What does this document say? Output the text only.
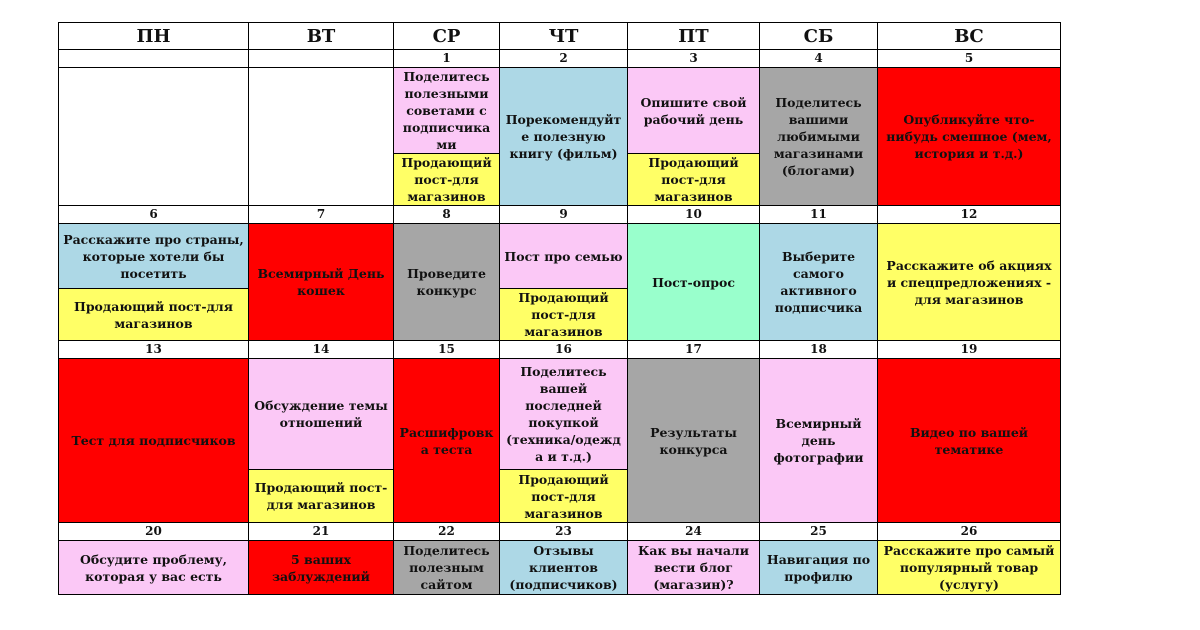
ПН	ВТ	СР	ЧТ	ПТ	СБ	ВС
		1	2	3	4	5
		Поделитесь полезными советами с подписчика ми	Порекомендуйт е полезную книгу (фильм)	Опишите свой рабочий день	Поделитесь вашими любимыми магазинами (блогами)	Опубликуйте что-нибудь смешное (мем, история и т.д.)
		Продающий пост-для магазинов		Продающий пост-для магазинов		
6	7	8	9	10	11	12
Расскажите про страны, которые хотели бы посетить	Всемирный День кошек	Проведите конкурс	Пост про семью	Пост-опрос	Выберите самого активного подписчика	Расскажите об акциях и спецпредложениях - для магазинов
Продающий пост-для магазинов			Продающий пост-для магазинов			
13	14	15	16	17	18	19
Тест для подписчиков	Обсуждение темы отношений	Расшифровк а теста	Поделитесь вашей последней покупкой (техника/одежд а и т.д.)	Результаты конкурса	Всемирный день фотографии	Видео по вашей тематике
	Продающий пост-для магазинов		Продающий пост-для магазинов			
20	21	22	23	24	25	26
Обсудите проблему, которая у вас есть	5 ваших заблуждений	Поделитесь полезным сайтом	Отзывы клиентов (подписчиков)	Как вы начали вести блог (магазин)?	Навигация по профилю	Расскажите про самый популярный товар (услугу)
